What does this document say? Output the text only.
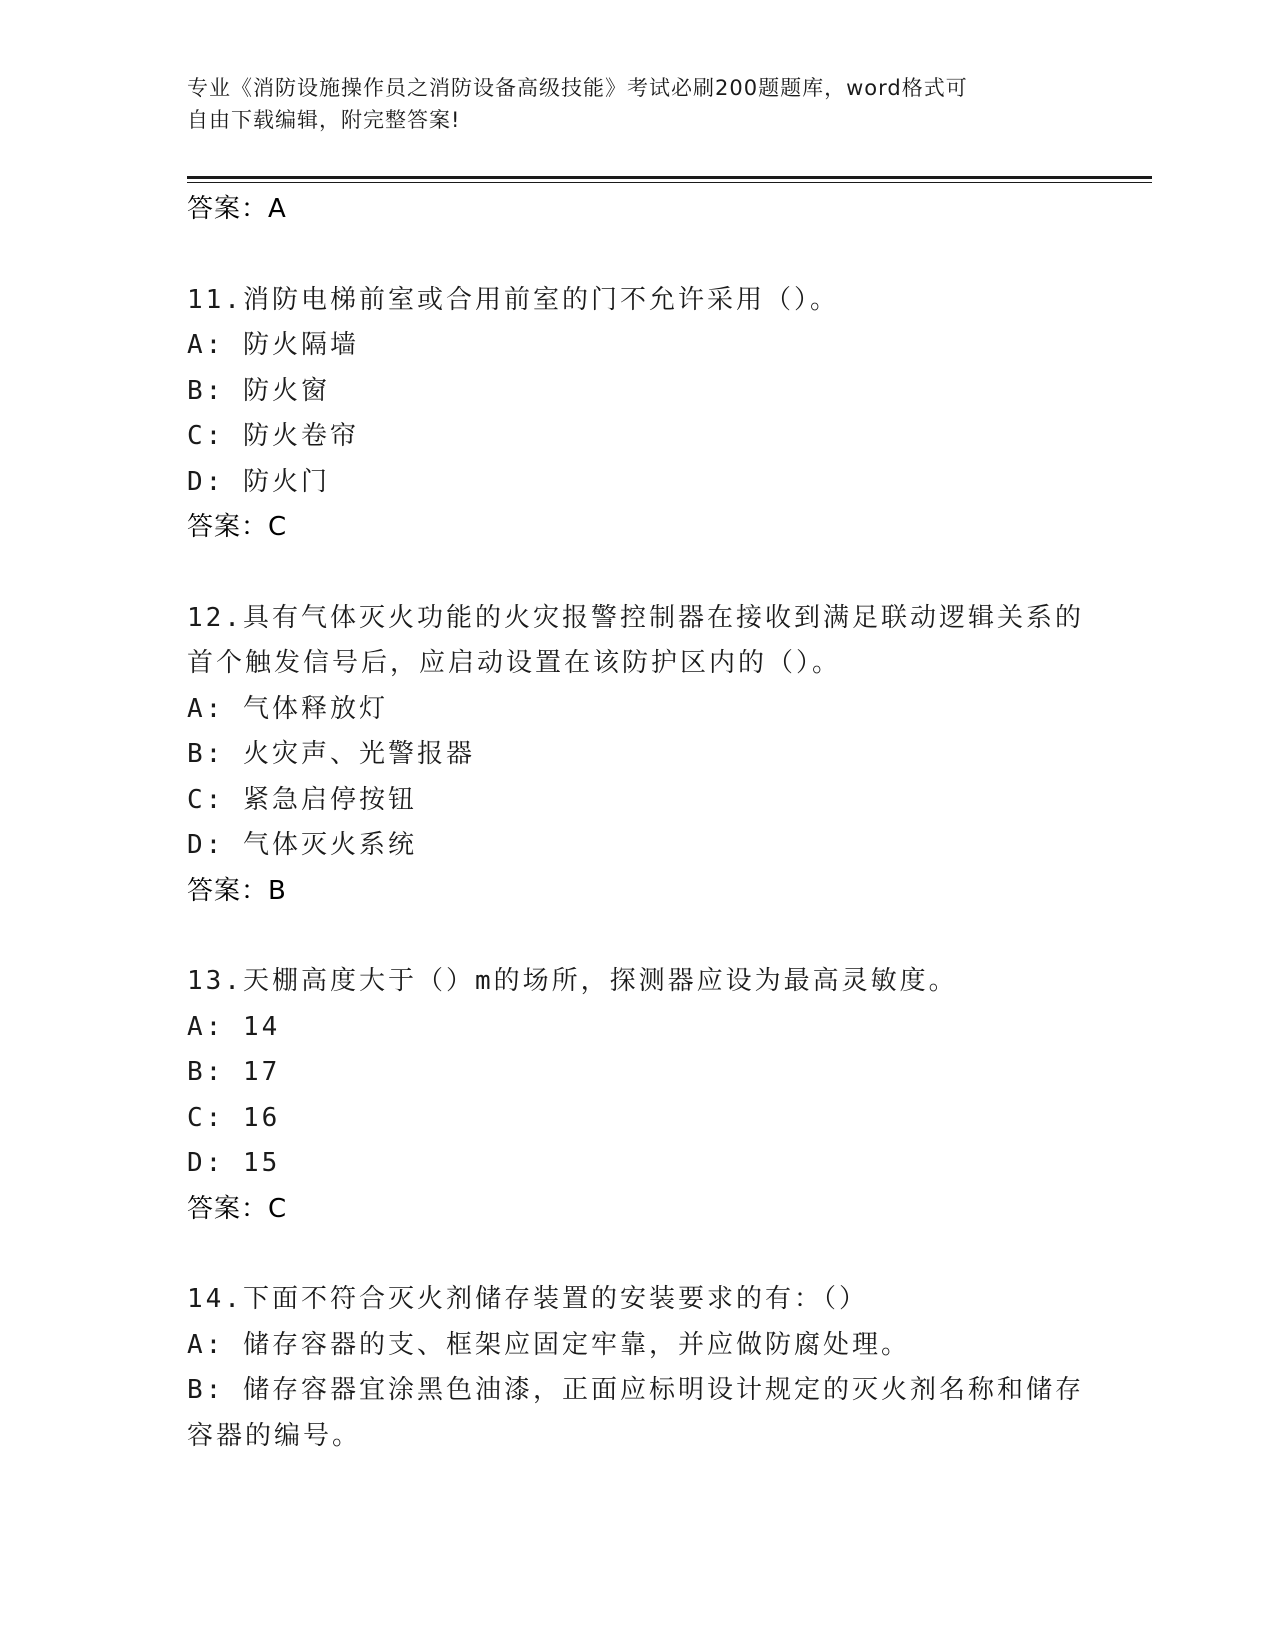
专业《消防设施操作员之消防设备高级技能》考试必刷200题题库，word格式可
自由下载编辑，附完整答案!
答案：A
11.消防电梯前室或合用前室的门不允许采用（）。
A: 防火隔墙
B: 防火窗
C: 防火卷帘
D: 防火门
答案：C
12.具有气体灭火功能的火灾报警控制器在接收到满足联动逻辑关系的
首个触发信号后，应启动设置在该防护区内的（）。
A: 气体释放灯
B: 火灾声、光警报器
C: 紧急启停按钮
D: 气体灭火系统
答案：B
13.天棚高度大于（）m的场所，探测器应设为最高灵敏度。
A: 14
B: 17
C: 16
D: 15
答案：C
14.下面不符合灭火剂储存装置的安装要求的有：（）
A: 储存容器的支、框架应固定牢靠，并应做防腐处理。
B: 储存容器宜涂黑色油漆，正面应标明设计规定的灭火剂名称和储存
容器的编号。
